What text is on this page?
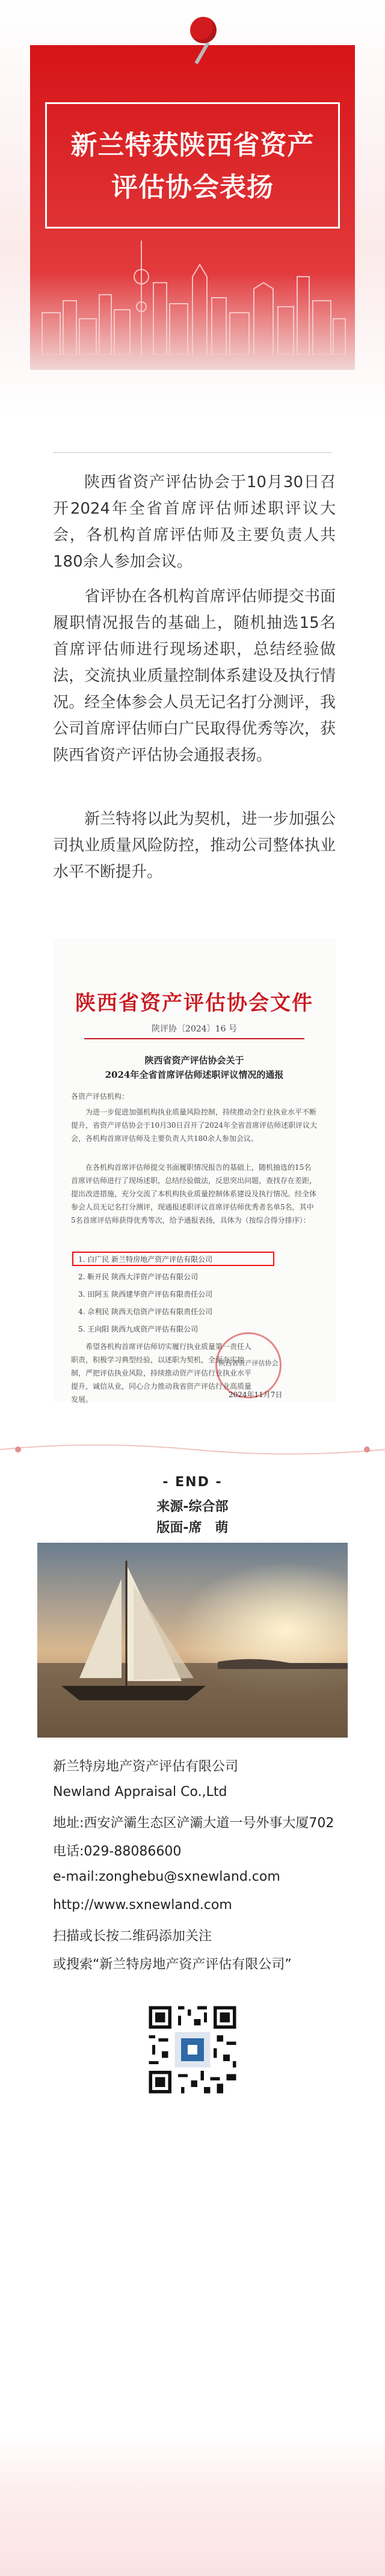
新兰特获陕西省资产
评估协会表扬
陕西省资产评估协会于10月30日召开2024年全省首席评估师述职评议大会，各机构首席评估师及主要负责人共180余人参加会议。
省评协在各机构首席评估师提交书面履职情况报告的基础上，随机抽选15名首席评估师进行现场述职，总结经验做法，交流执业质量控制体系建设及执行情况。经全体参会人员无记名打分测评，我公司首席评估师白广民取得优秀等次，获陕西省资产评估协会通报表扬。
新兰特将以此为契机，进一步加强公司执业质量风险防控，推动公司整体执业水平不断提升。
陕西省资产评估协会文件
陕评协〔2024〕16 号
陕西省资产评估协会关于
2024年全省首席评估师述职评议情况的通报
各资产评估机构：
为进一步促进加强机构执业质量风险控制，持续推动全行业执业水平不断提升，省资产评估协会于10月30日召开了2024年全省首席评估师述职评议大会，各机构首席评估师及主要负责人共180余人参加会议。
在各机构首席评估师提交书面履职情况报告的基础上，随机抽选的15名首席评估师进行了现场述职，总结经验做法，反思突出问题，查找存在差距，提出改进措施，充分交流了本机构执业质量控制体系建设及执行情况。经全体参会人员无记名打分测评，现通报述职评议首席评估师优秀者名单5名，其中5名首席评估师获得优秀等次，给予通报表扬，具体为（按综合得分排序）：
1. 白广民 新兰特房地产资产评估有限公司
2. 靳开民 陕西大洋资产评估有限公司
3. 田阿玉 陕西建华资产评估有限责任公司
4. 佘利民 陕西天信资产评估有限责任公司
5. 王向阳 陕西九成资产评估有限公司
希望各机构首席评估师切实履行执业质量第一责任人职责，积极学习典型经验，以述职为契机，全面夯实控制，严把评估执业风险，持续推动资产评估行业执业水平提升，诚信从业，同心合力推动我省资产评估行业高质量发展。
陕西省资产评估协会
2024年11月7日
- END -
来源-综合部
版面-席　萌
新兰特房地产资产评估有限公司
Newland Appraisal Co.,Ltd
地址:西安浐灞生态区浐灞大道一号外事大厦702
电话:029-88086600
e-mail:zonghebu@sxnewland.com
http://www.sxnewland.com
扫描或长按二维码添加关注
或搜索“新兰特房地产资产评估有限公司”
